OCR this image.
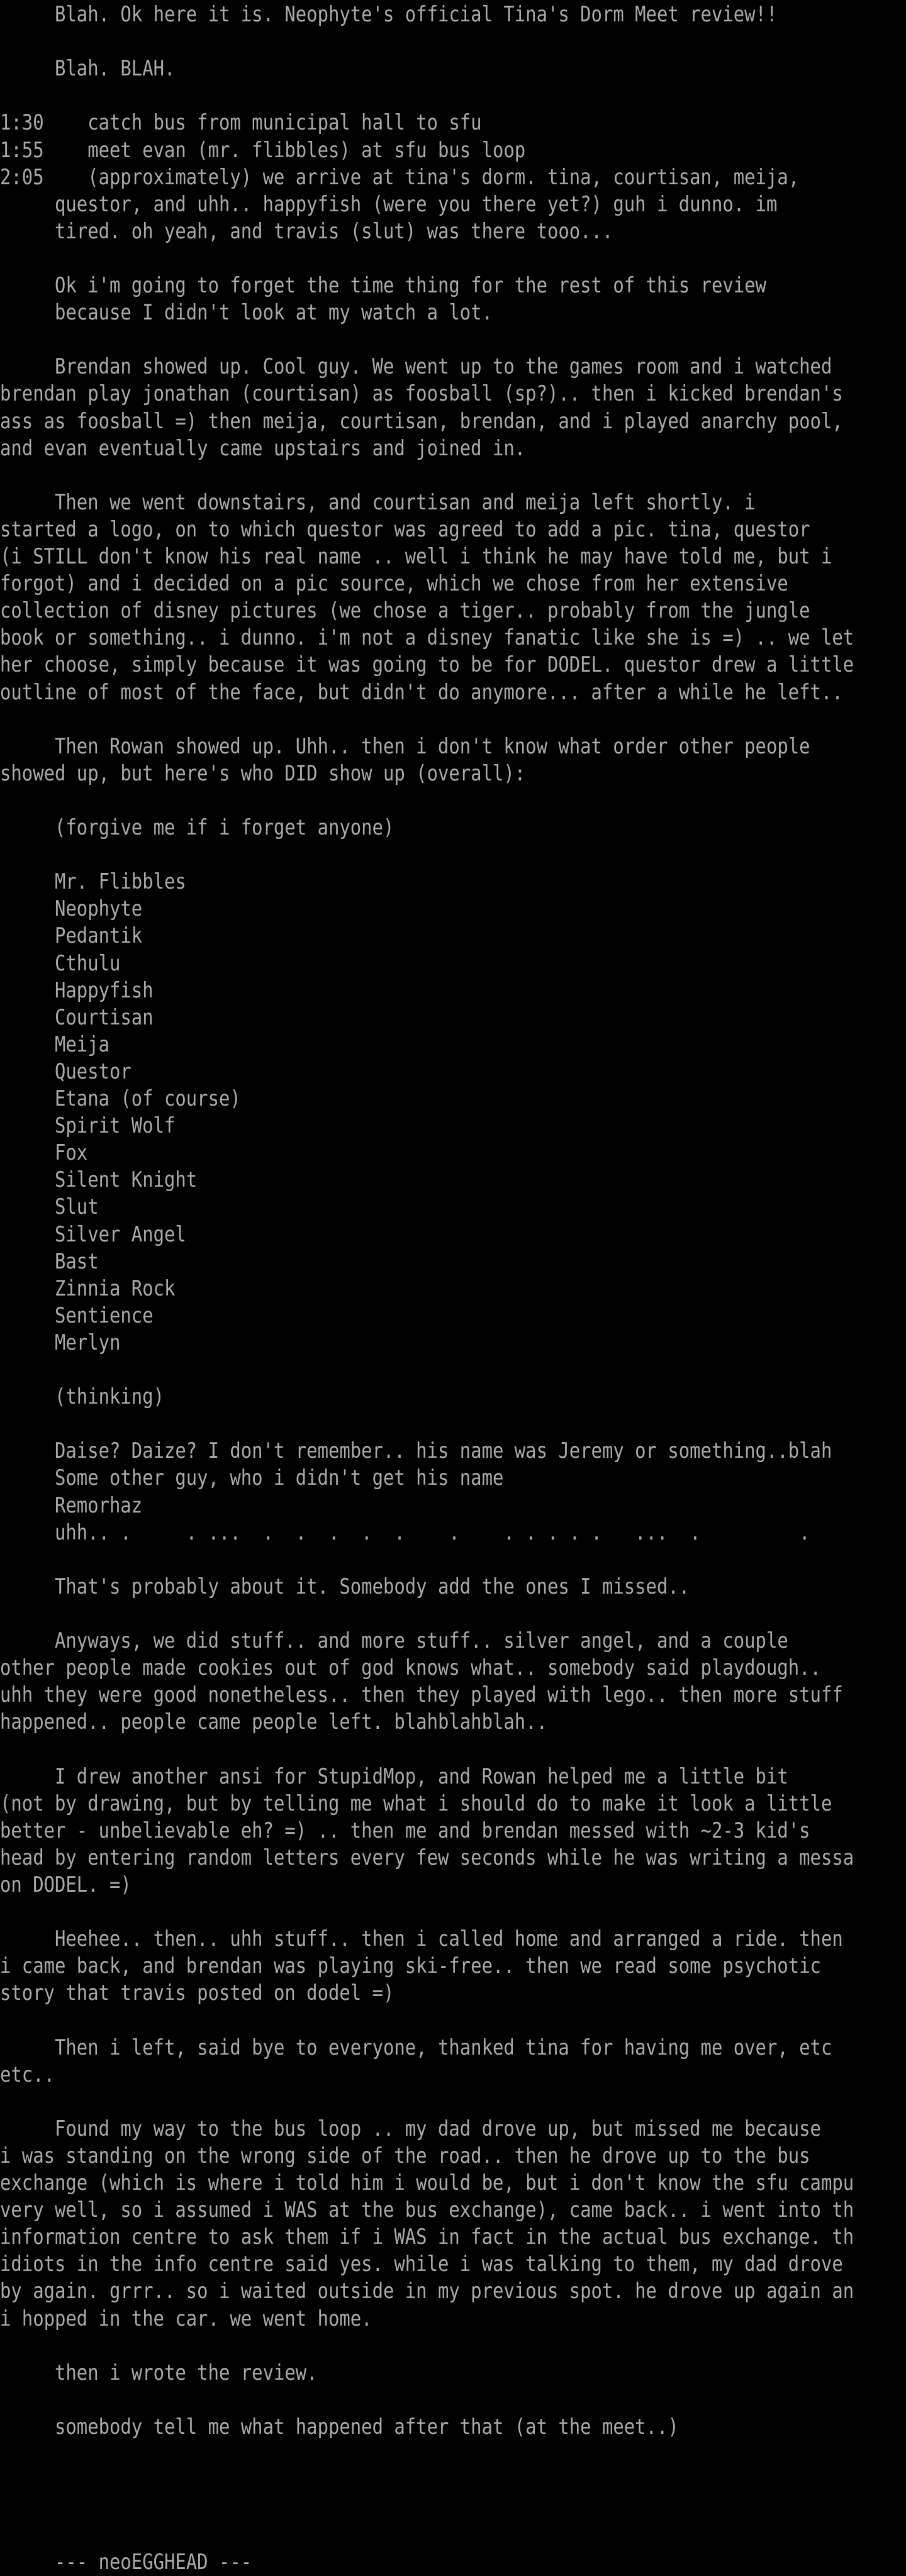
Blah. Ok here it is. Neophyte's official Tina's Dorm Meet review!!
Blah. BLAH.
1:30    catch bus from municipal hall to sfu
1:55    meet evan (mr. flibbles) at sfu bus loop
2:05    (approximately) we arrive at tina's dorm. tina, courtisan, meija,
questor, and uhh.. happyfish (were you there yet?) guh i dunno. im
tired. oh yeah, and travis (slut) was there tooo...
Ok i'm going to forget the time thing for the rest of this review
because I didn't look at my watch a lot.
Brendan showed up. Cool guy. We went up to the games room and i watched
brendan play jonathan (courtisan) as foosball (sp?).. then i kicked brendan's
ass as foosball =) then meija, courtisan, brendan, and i played anarchy pool,
and evan eventually came upstairs and joined in.
Then we went downstairs, and courtisan and meija left shortly. i
started a logo, on to which questor was agreed to add a pic. tina, questor
(i STILL don't know his real name .. well i think he may have told me, but i
forgot) and i decided on a pic source, which we chose from her extensive
collection of disney pictures (we chose a tiger.. probably from the jungle
book or something.. i dunno. i'm not a disney fanatic like she is =) .. we let
her choose, simply because it was going to be for DODEL. questor drew a little
outline of most of the face, but didn't do anymore... after a while he left..
Then Rowan showed up. Uhh.. then i don't know what order other people
showed up, but here's who DID show up (overall):
(forgive me if i forget anyone)
Mr. Flibbles
Neophyte
Pedantik
Cthulu
Happyfish
Courtisan
Meija
Questor
Etana (of course)
Spirit Wolf
Fox
Silent Knight
Slut
Silver Angel
Bast
Zinnia Rock
Sentience
Merlyn
(thinking)
Daise? Daize? I don't remember.. his name was Jeremy or something..blah
Some other guy, who i didn't get his name
Remorhaz
uhh.. .     . ...  .  .  .  .  .    .    . . . . .   ...  .         .
That's probably about it. Somebody add the ones I missed..
Anyways, we did stuff.. and more stuff.. silver angel, and a couple
other people made cookies out of god knows what.. somebody said playdough..
uhh they were good nonetheless.. then they played with lego.. then more stuff
happened.. people came people left. blahblahblah..
I drew another ansi for StupidMop, and Rowan helped me a little bit
(not by drawing, but by telling me what i should do to make it look a little
better - unbelievable eh? =) .. then me and brendan messed with ~2-3 kid's
head by entering random letters every few seconds while he was writing a messa
on DODEL. =)
Heehee.. then.. uhh stuff.. then i called home and arranged a ride. then
i came back, and brendan was playing ski-free.. then we read some psychotic
story that travis posted on dodel =)
Then i left, said bye to everyone, thanked tina for having me over, etc
etc..
Found my way to the bus loop .. my dad drove up, but missed me because
i was standing on the wrong side of the road.. then he drove up to the bus
exchange (which is where i told him i would be, but i don't know the sfu campu
very well, so i assumed i WAS at the bus exchange), came back.. i went into th
information centre to ask them if i WAS in fact in the actual bus exchange. th
idiots in the info centre said yes. while i was talking to them, my dad drove
by again. grrr.. so i waited outside in my previous spot. he drove up again an
i hopped in the car. we went home.
then i wrote the review.
somebody tell me what happened after that (at the meet..)
--- neoEGGHEAD ---
